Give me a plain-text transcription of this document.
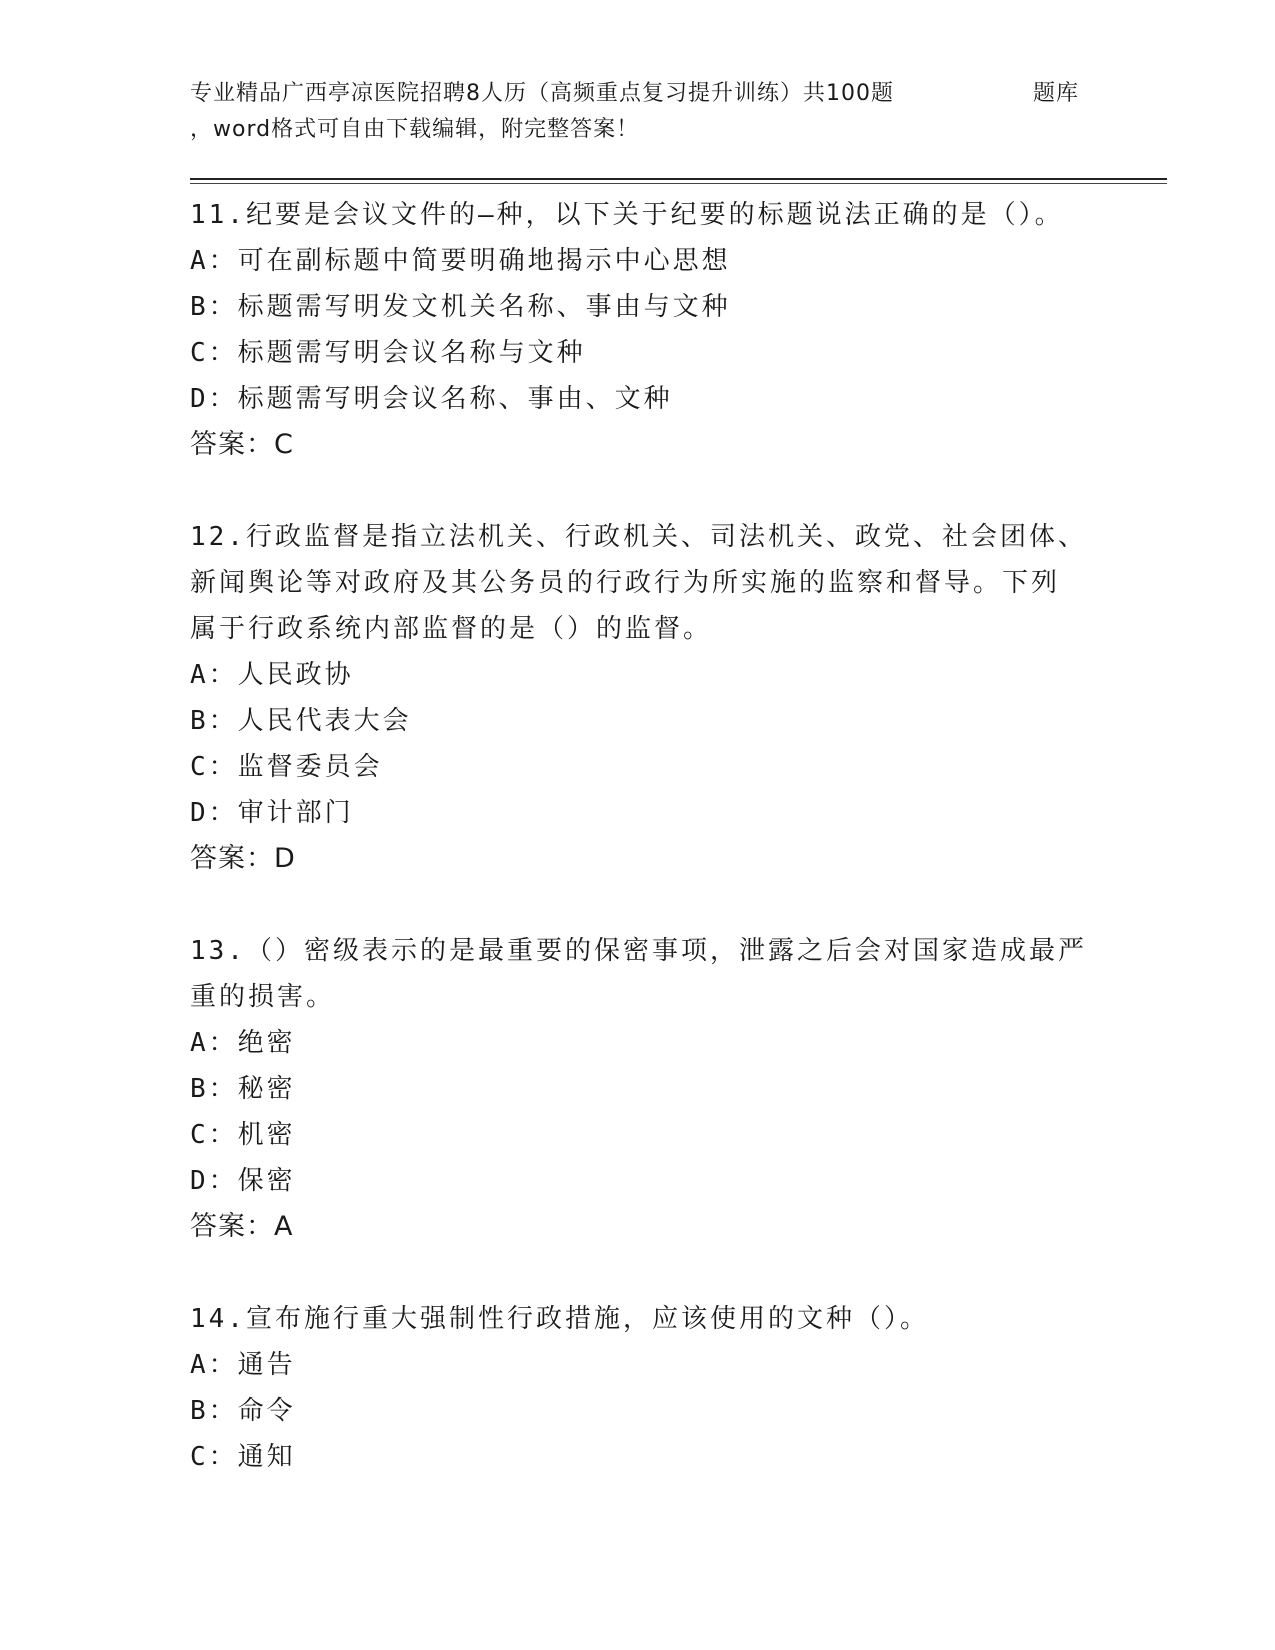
专业精品广西亭凉医院招聘8人历（高频重点复习提升训练）共100题	题库
，word格式可自由下载编辑，附完整答案！
11.纪要是会议文件的—种，以下关于纪要的标题说法正确的是（）。
A：可在副标题中简要明确地揭示中心思想
B：标题需写明发文机关名称、事由与文种
C：标题需写明会议名称与文种
D：标题需写明会议名称、事由、文种
答案：C
12.行政监督是指立法机关、行政机关、司法机关、政党、社会团体、
新闻舆论等对政府及其公务员的行政行为所实施的监察和督导。下列
属于行政系统内部监督的是（）的监督。
A：人民政协
B：人民代表大会
C：监督委员会
D：审计部门
答案：D
13.（）密级表示的是最重要的保密事项，泄露之后会对国家造成最严
重的损害。
A：绝密
B：秘密
C：机密
D：保密
答案：A
14.宣布施行重大强制性行政措施，应该使用的文种（）。
A：通告
B：命令
C：通知
